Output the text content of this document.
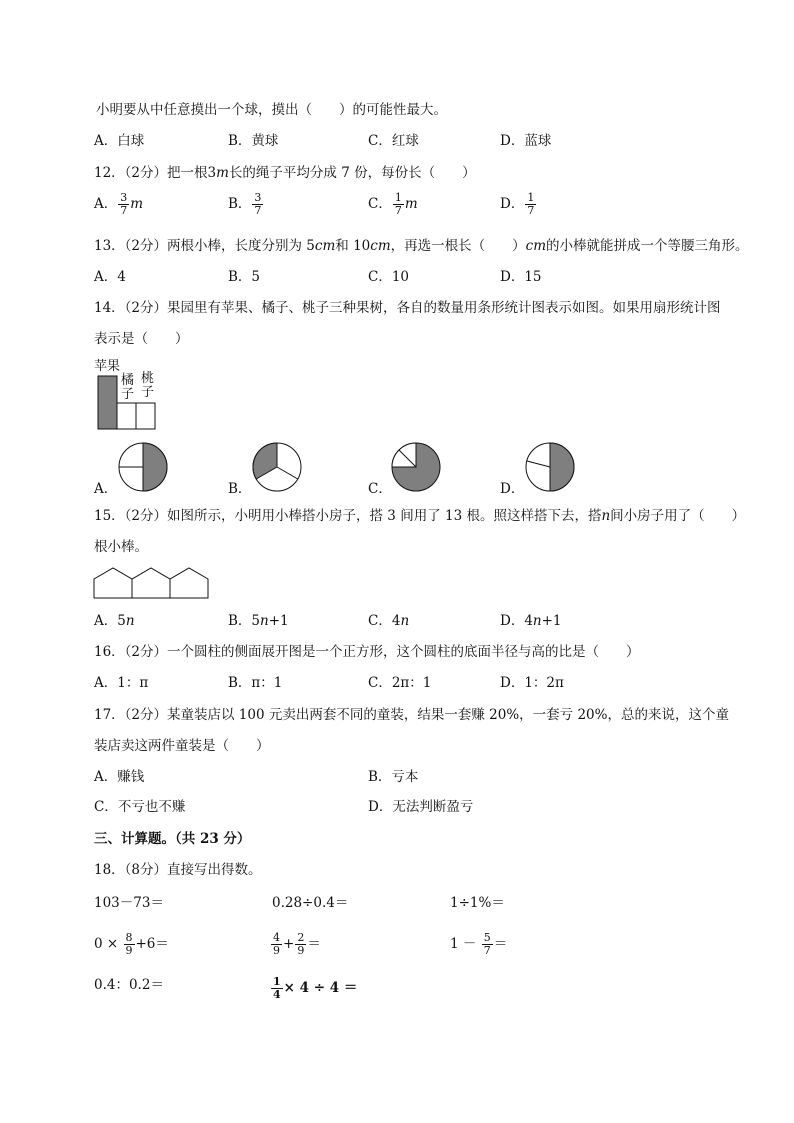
小明要从中任意摸出一个球，摸出（　　）的可能性最大。
A．白球	B．黄球	C．红球	D．蓝球
12．（2分）把一根3m长的绳子平均分成 7 份，每份长（　　）
A． $\frac{3}{7}$ m	B． $\frac{3}{7}$	C． $\frac{1}{7}$ m	D． $\frac{1}{7}$
13．（2分）两根小棒，长度分别为 5cm和 10cm，再选一根长（　　）cm的小棒就能拼成一个等腰三角形。
A．4	B．5	C．10	D．15
14．（2分）果园里有苹果、橘子、桃子三种果树，各自的数量用条形统计图表示如图。如果用扇形统计图
表示是（　　）
苹果
橘
子
桃
子
A．	B．	C．	D．
15．（2分）如图所示，小明用小棒搭小房子，搭 3 间用了 13 根。照这样搭下去，搭n间小房子用了（　　）
根小棒。
A．5n	B．5n+1	C．4n	D．4n+1
16．（2分）一个圆柱的侧面展开图是一个正方形，这个圆柱的底面半径与高的比是（　　）
A．1：π	B．π：1	C．2π：1	D．1：2π
17．（2分）某童装店以 100 元卖出两套不同的童装，结果一套赚 20%，一套亏 20%，总的来说，这个童
装店卖这两件童装是（　　）
A．赚钱	B．亏本
C．不亏也不赚	D．无法判断盈亏
三、计算题。（共 23 分）
18．（8分）直接写出得数。
103－73＝	0.28÷0.4＝	1÷1%＝
$0 \times \frac{8}{9} +6=$	$\frac{4}{9} + \frac{2}{9}$ ＝	$1 - \frac{5}{7}$ ＝
0.4：0.2＝	$\frac{1}{4} \times 4 \div 4$ ＝
